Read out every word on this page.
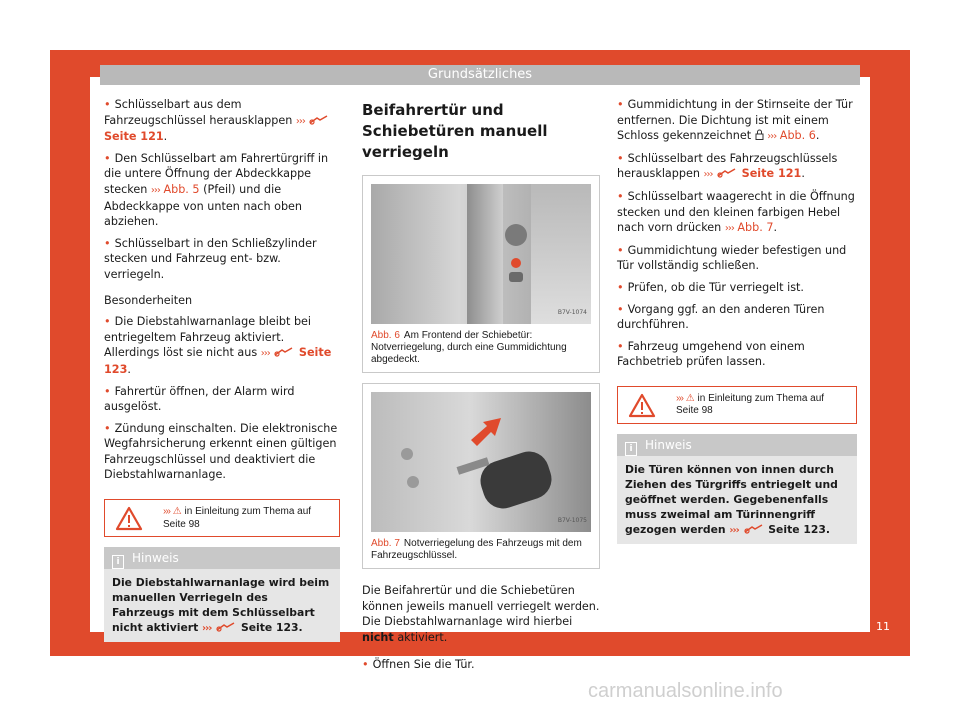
Grundsätzliches

• Schlüsselbart aus dem Fahrzeugschlüssel herausklappen ›››  Seite 121.

• Den Schlüsselbart am Fahrertürgriff in die untere Öffnung der Abdeckkappe stecken ››› Abb. 5 (Pfeil) und die Abdeckkappe von unten nach oben abziehen.

• Schlüsselbart in den Schließzylinder stecken und Fahrzeug ent- bzw. verriegeln.

Besonderheiten

• Die Diebstahlwarnanlage bleibt bei entriegeltem Fahrzeug aktiviert. Allerdings löst sie nicht aus ›››	Seite 123.

• Fahrertür öffnen, der Alarm wird ausgelöst.

• Zündung einschalten. Die elektronische Wegfahrsicherung erkennt einen gültigen Fahrzeugschlüssel und deaktiviert die Diebstahlwarnanlage.

››› ⚠ in Einleitung zum Thema auf
Seite 98
i Hinweis
Die Diebstahlwarnanlage wird beim manuellen Verriegeln des Fahrzeugs mit dem Schlüsselbart nicht aktiviert ›››	Seite 123.
Beifahrertür und Schiebetüren manuell verriegeln
B7V-1074
Abb. 6 Am Frontend der Schiebetür: Notverriegelung, durch eine Gummidichtung abgedeckt.
B7V-1075
Abb. 7 Notverriegelung des Fahrzeugs mit dem Fahrzeugschlüssel.

Die Beifahrertür und die Schiebetüren können jeweils manuell verriegelt werden. Die Diebstahlwarnanlage wird hierbei nicht aktiviert.

• Öffnen Sie die Tür.

• Gummidichtung in der Stirnseite der Tür entfernen. Die Dichtung ist mit einem Schloss gekennzeichnet ››› Abb. 6.

• Schlüsselbart des Fahrzeugschlüssels herausklappen ›››	Seite 121.

• Schlüsselbart waagerecht in die Öffnung stecken und den kleinen farbigen Hebel nach vorn drücken ››› Abb. 7.

• Gummidichtung wieder befestigen und Tür vollständig schließen.

• Prüfen, ob die Tür verriegelt ist.

• Vorgang ggf. an den anderen Türen durchführen.

• Fahrzeug umgehend von einem Fachbetrieb prüfen lassen.

››› ⚠ in Einleitung zum Thema auf
Seite 98
i Hinweis
Die Türen können von innen durch Ziehen des Türgriffs entriegelt und geöffnet werden. Gegebenenfalls muss zweimal am Türinnengriff gezogen werden ›››	Seite 123.
11
carmanualsonline.info
